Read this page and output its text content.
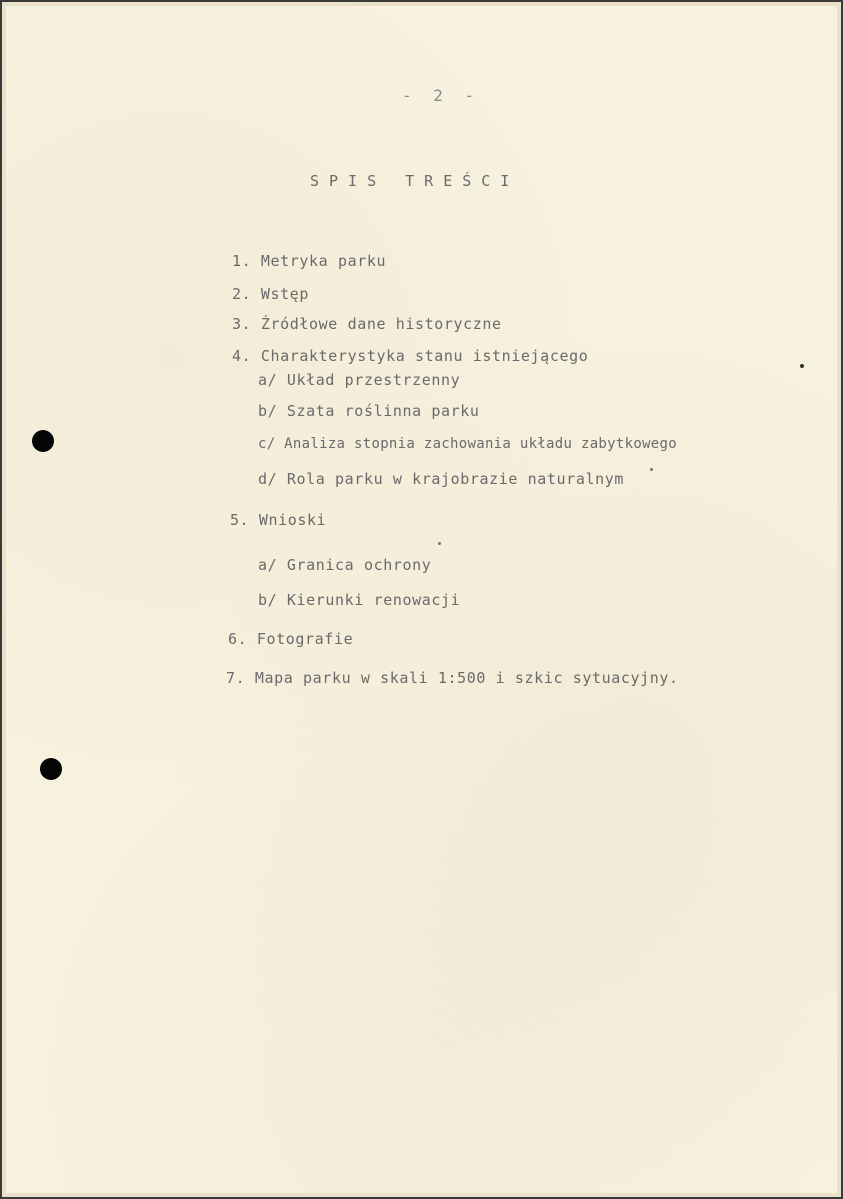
- 2 -

SPIS TREŚCI

1. Metryka parku

2. Wstęp

3. Źródłowe dane historyczne

4. Charakterystyka stanu istniejącego

a/ Układ przestrzenny

b/ Szata roślinna parku

c/ Analiza stopnia zachowania układu zabytkowego

d/ Rola parku w krajobrazie naturalnym

5. Wnioski

a/ Granica ochrony

b/ Kierunki renowacji

6. Fotografie

7. Mapa parku w skali 1:500 i szkic sytuacyjny.
